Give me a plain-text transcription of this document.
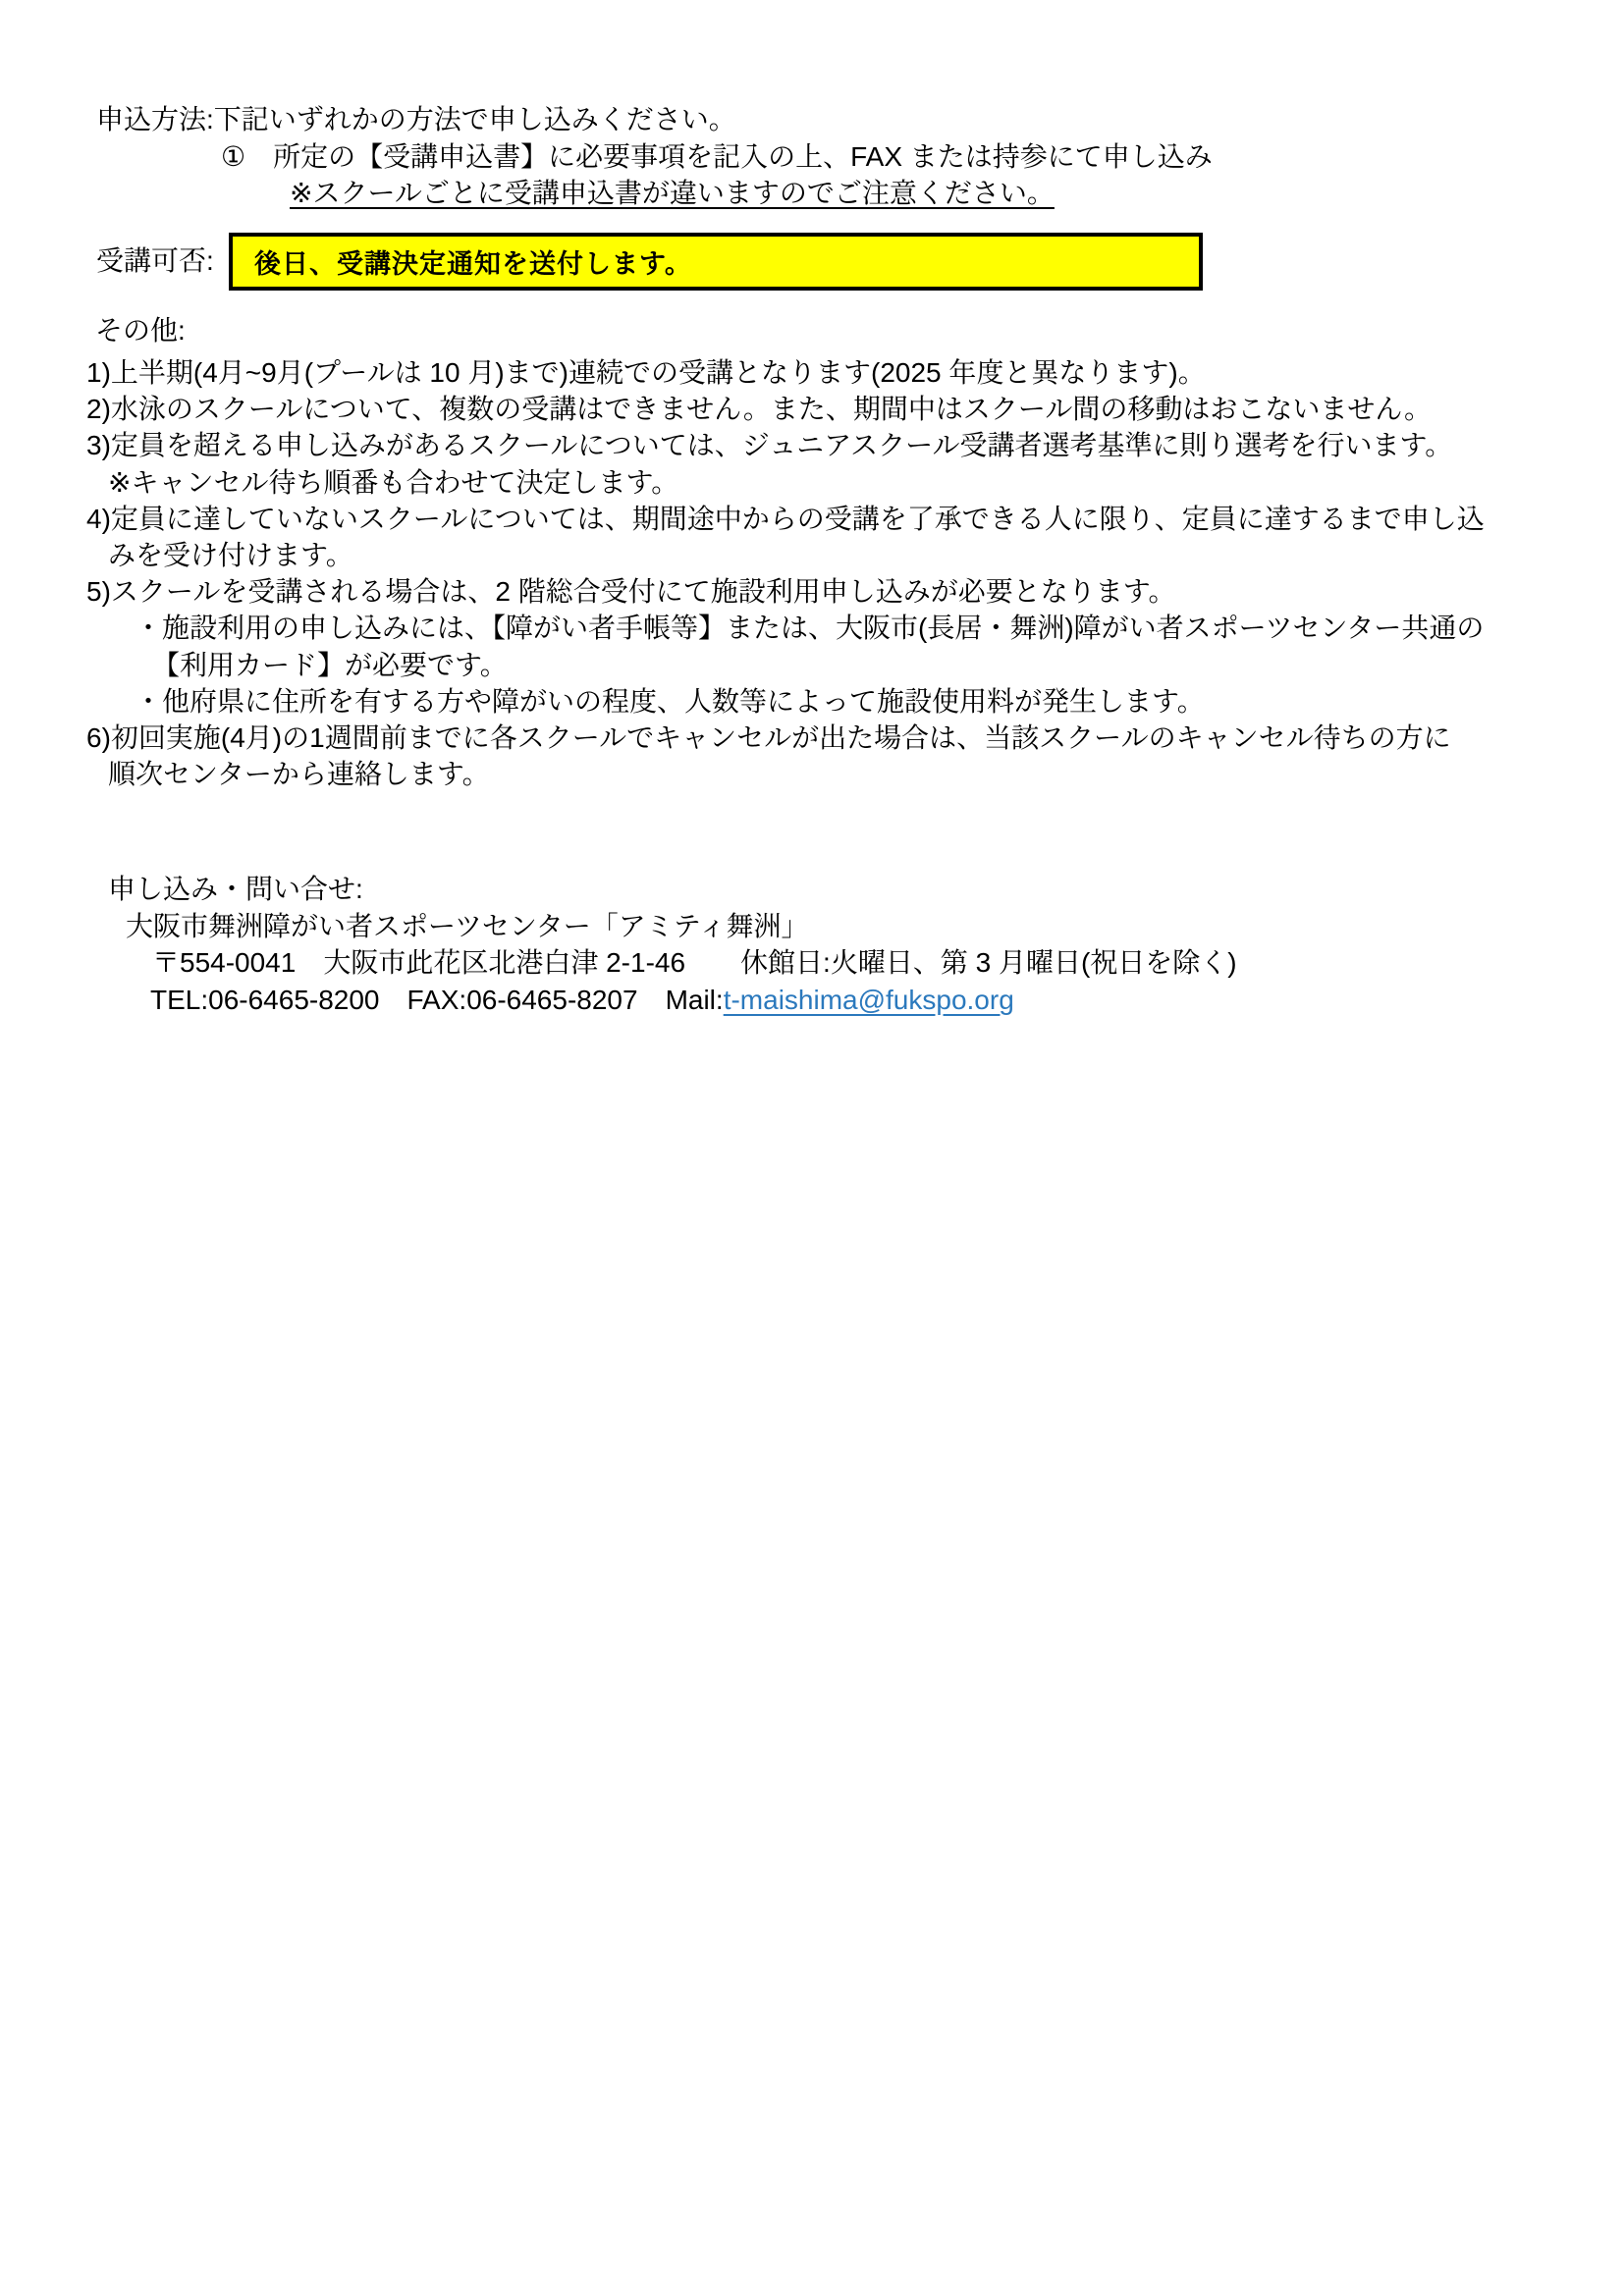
申込方法:下記いずれかの方法で申し込みください。
①　所定の【受講申込書】に必要事項を記入の上、FAX または持参にて申し込み
※スクールごとに受講申込書が違いますのでご注意ください。
受講可否: 後日、受講決定通知を送付します。
その他:
1)上半期(4月~9月(プールは 10 月)まで)連続での受講となります(2025 年度と異なります)。
2)水泳のスクールについて、複数の受講はできません。また、期間中はスクール間の移動はおこないません。
3)定員を超える申し込みがあるスクールについては、ジュニアスクール受講者選考基準に則り選考を行います。
※キャンセル待ち順番も合わせて決定します。
4)定員に達していないスクールについては、期間途中からの受講を了承できる人に限り、定員に達するまで申し込
みを受け付けます。
5)スクールを受講される場合は、2 階総合受付にて施設利用申し込みが必要となります。
・施設利用の申し込みには、【障がい者手帳等】または、大阪市(長居・舞洲)障がい者スポーツセンター共通の
【利用カード】が必要です。
・他府県に住所を有する方や障がいの程度、人数等によって施設使用料が発生します。
6)初回実施(4月)の1週間前までに各スクールでキャンセルが出た場合は、当該スクールのキャンセル待ちの方に
順次センターから連絡します。
申し込み・問い合せ:
大阪市舞洲障がい者スポーツセンター「アミティ舞洲」
〒554-0041　大阪市此花区北港白津 2-1-46　　休館日:火曜日、第 3 月曜日(祝日を除く)
TEL:06-6465-8200　FAX:06-6465-8207　Mail:t-maishima@fukspo.org
